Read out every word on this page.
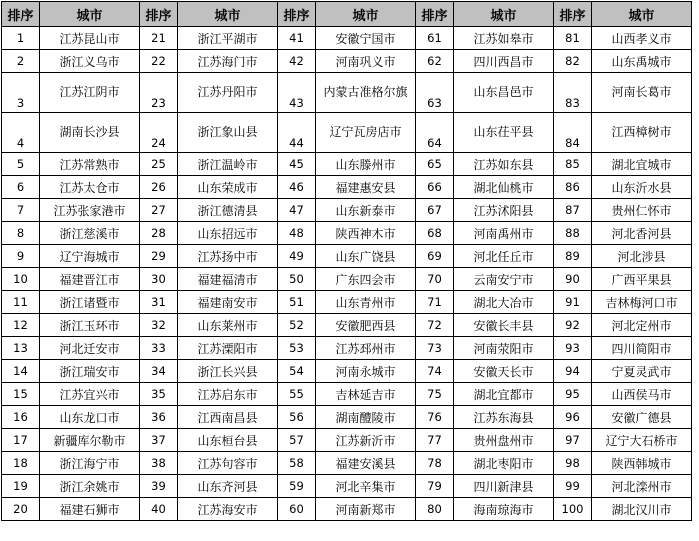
排序	城市	排序	城市	排序	城市	排序	城市	排序	城市
1	江苏昆山市	21	浙江平湖市	41	安徽宁国市	61	江苏如皋市	81	山西孝义市
2	浙江义乌市	22	江苏海门市	42	河南巩义市	62	四川西昌市	82	山东禹城市
3	江苏江阴市	23	江苏丹阳市	43	内蒙古准格尔旗	63	山东昌邑市	83	河南长葛市
4	湖南长沙县	24	浙江象山县	44	辽宁瓦房店市	64	山东茌平县	84	江西樟树市
5	江苏常熟市	25	浙江温岭市	45	山东滕州市	65	江苏如东县	85	湖北宜城市
6	江苏太仓市	26	山东荣成市	46	福建惠安县	66	湖北仙桃市	86	山东沂水县
7	江苏张家港市	27	浙江德清县	47	山东新泰市	67	江苏沭阳县	87	贵州仁怀市
8	浙江慈溪市	28	山东招远市	48	陕西神木市	68	河南禹州市	88	河北香河县
9	辽宁海城市	29	江苏扬中市	49	山东广饶县	69	河北任丘市	89	河北涉县
10	福建晋江市	30	福建福清市	50	广东四会市	70	云南安宁市	90	广西平果县
11	浙江诸暨市	31	福建南安市	51	山东青州市	71	湖北大冶市	91	吉林梅河口市
12	浙江玉环市	32	山东莱州市	52	安徽肥西县	72	安徽长丰县	92	河北定州市
13	河北迁安市	33	江苏溧阳市	53	江苏邳州市	73	河南荥阳市	93	四川简阳市
14	浙江瑞安市	34	浙江长兴县	54	河南永城市	74	安徽天长市	94	宁夏灵武市
15	江苏宜兴市	35	江苏启东市	55	吉林延吉市	75	湖北宜都市	95	山西侯马市
16	山东龙口市	36	江西南昌县	56	湖南醴陵市	76	江苏东海县	96	安徽广德县
17	新疆库尔勒市	37	山东桓台县	57	江苏新沂市	77	贵州盘州市	97	辽宁大石桥市
18	浙江海宁市	38	江苏句容市	58	福建安溪县	78	湖北枣阳市	98	陕西韩城市
19	浙江余姚市	39	山东齐河县	59	河北辛集市	79	四川新津县	99	河北滦州市
20	福建石狮市	40	江苏海安市	60	河南新郑市	80	海南琼海市	100	湖北汉川市
